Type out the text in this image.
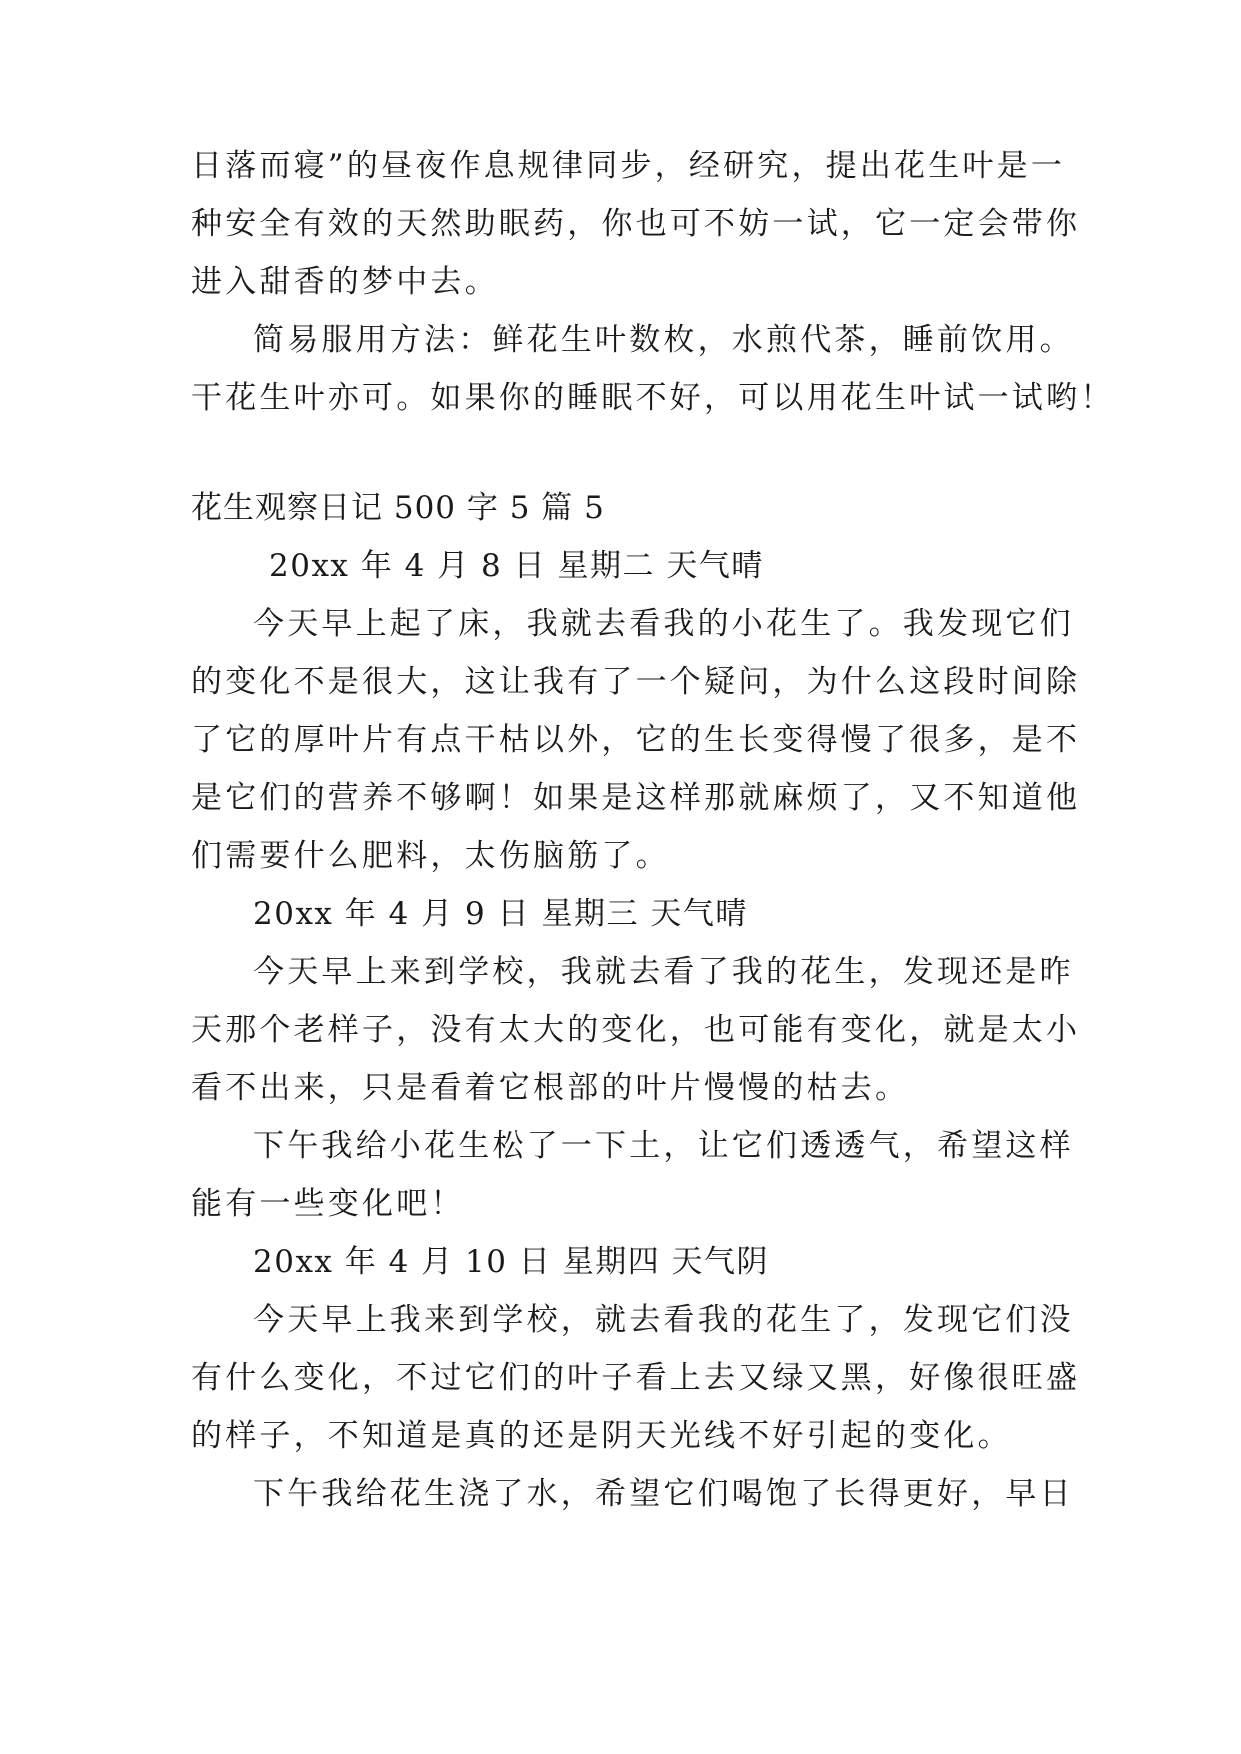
日落而寝”的昼夜作息规律同步，经研究，提出花生叶是一
种安全有效的天然助眠药，你也可不妨一试，它一定会带你
进入甜香的梦中去。
简易服用方法：鲜花生叶数枚，水煎代茶，睡前饮用。
干花生叶亦可。如果你的睡眠不好，可以用花生叶试一试哟！
花生观察日记 500 字 5 篇 5
20xx 年 4 月 8 日 星期二 天气晴
今天早上起了床，我就去看我的小花生了。我发现它们
的变化不是很大，这让我有了一个疑问，为什么这段时间除
了它的厚叶片有点干枯以外，它的生长变得慢了很多，是不
是它们的营养不够啊！如果是这样那就麻烦了，又不知道他
们需要什么肥料，太伤脑筋了。
20xx 年 4 月 9 日 星期三 天气晴
今天早上来到学校，我就去看了我的花生，发现还是昨
天那个老样子，没有太大的变化，也可能有变化，就是太小
看不出来，只是看着它根部的叶片慢慢的枯去。
下午我给小花生松了一下土，让它们透透气，希望这样
能有一些变化吧！
20xx 年 4 月 10 日 星期四 天气阴
今天早上我来到学校，就去看我的花生了，发现它们没
有什么变化，不过它们的叶子看上去又绿又黑，好像很旺盛
的样子，不知道是真的还是阴天光线不好引起的变化。
下午我给花生浇了水，希望它们喝饱了长得更好，早日
